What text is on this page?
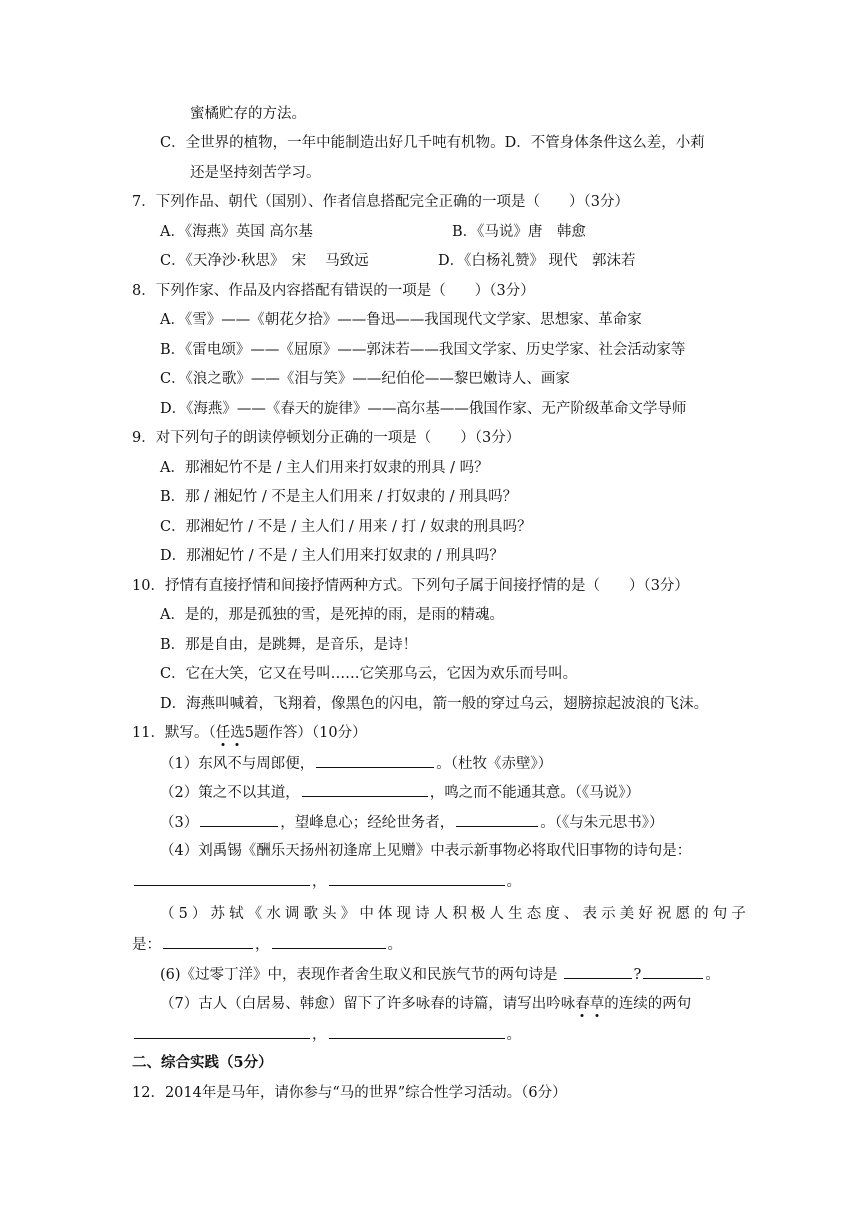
蜜橘贮存的方法。
C．全世界的植物，一年中能制造出好几千吨有机物。D．不管身体条件这么差，小莉
还是坚持刻苦学习。
7．下列作品、朝代（国别）、作者信息搭配完全正确的一项是（　　）（3分）
A．《海燕》英国 高尔基	B．《马说》唐　韩愈
C．《天净沙·秋思》　宋　 马致远	D．《白杨礼赞》 现代　郭沫若
8．下列作家、作品及内容搭配有错误的一项是（　　）（3分）
A．《雪》——《朝花夕拾》——鲁迅——我国现代文学家、思想家、革命家
B．《雷电颂》——《屈原》——郭沫若——我国文学家、历史学家、社会活动家等
C．《浪之歌》——《泪与笑》——纪伯伦——黎巴嫩诗人、画家
D．《海燕》——《春天的旋律》——高尔基——俄国作家、无产阶级革命文学导师
9．对下列句子的朗读停顿划分正确的一项是（　　）（3分）
A．那湘妃竹不是 / 主人们用来打奴隶的刑具 / 吗？
B．那 / 湘妃竹 / 不是主人们用来 / 打奴隶的 / 刑具吗？
C．那湘妃竹 / 不是 / 主人们 / 用来 / 打 / 奴隶的刑具吗？
D．那湘妃竹 / 不是 / 主人们用来打奴隶的 / 刑具吗？
10．抒情有直接抒情和间接抒情两种方式。下列句子属于间接抒情的是（　　）（3分）
A．是的，那是孤独的雪，是死掉的雨，是雨的精魂。
B．那是自由，是跳舞，是音乐，是诗！
C．它在大笑，它又在号叫……它笑那乌云，它因为欢乐而号叫。
D．海燕叫喊着，飞翔着，像黑色的闪电，箭一般的穿过乌云，翅膀掠起波浪的飞沫。
11．默写。（任选5题作答）（10分）
（1）东风不与周郎便，	。（杜牧《赤壁》）
（2）策之不以其道，	，鸣之而不能通其意。（《马说》）
（3）	，望峰息心；经纶世务者，	。（《与朱元思书》）
（4）刘禹锡《酬乐天扬州初逢席上见赠》中表示新事物必将取代旧事物的诗句是：
，	。
（5）苏轼《水调歌头》中体现诗人积极人生态度、表示美好祝愿的句子
是：	，	。
(6)《过零丁洋》中，表现作者舍生取义和民族气节的两句诗是	?	。
（7）古人（白居易、韩愈）留下了许多咏春的诗篇，请写出吟咏春草的连续的两句
，	。
二、综合实践（5分）
12．2014年是马年，请你参与“马的世界”综合性学习活动。（6分）
